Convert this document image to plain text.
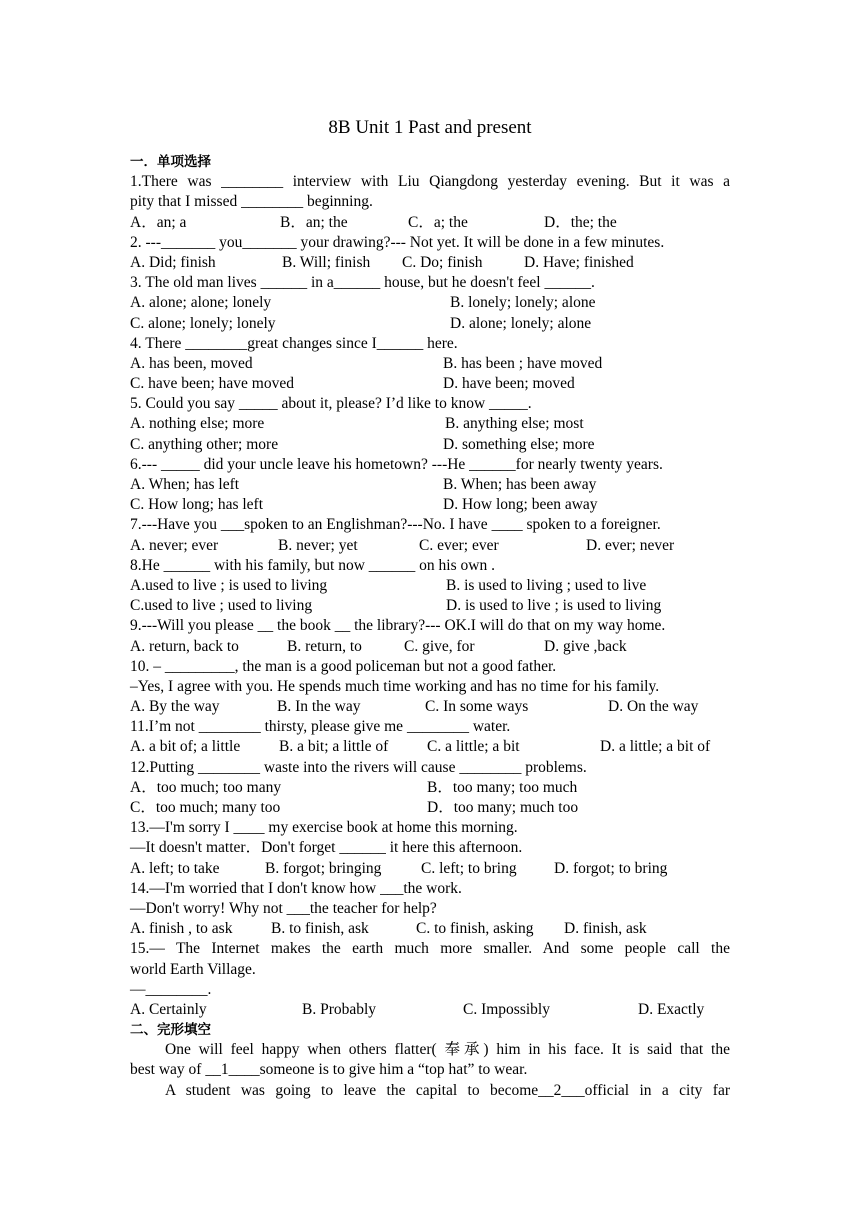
8B Unit 1 Past and present
一．单项选择
1.There was ________ interview with Liu Qiangdong yesterday evening. But it was a
pity that I missed ________ beginning.
A．an; a	B．an; the	C．a; the	D．the; the
2. ---_______ you_______ your drawing?--- Not yet. It will be done in a few minutes.
A. Did; finish	B. Will; finish C. Do; finish	D. Have; finished
3. The old man lives ______ in a______ house, but he doesn't feel ______.
A. alone; alone; lonely	B. lonely; lonely; alone
C. alone; lonely; lonely	D. alone; lonely; alone
4. There ________great changes since I______ here.
A. has been, moved	B. has been ; have moved
C. have been; have moved	D. have been; moved
5. Could you say _____ about it, please? I’d like to know _____.
A. nothing else; more	B. anything else; most
C. anything other; more	D. something else; more
6.--- _____ did your uncle leave his hometown? ---He ______for nearly twenty years.
A. When; has left	B. When; has been away
C. How long; has left	D. How long; been away
7.---Have you ___spoken to an Englishman?---No. I have ____ spoken to a foreigner.
A. never; ever	B. never; yet	C. ever; ever	D. ever; never
8.He ______ with his family, but now ______ on his own .
A.used to live ; is used to living	B. is used to living ; used to live
C.used to live ; used to living	D. is used to live ; is used to living
9.---Will you please __ the book __ the library?--- OK.I will do that on my way home.
A. return, back to	B. return, to	C. give, for	D. give ,back
10. – _________, the man is a good policeman but not a good father.
–Yes, I agree with you. He spends much time working and has no time for his family.
A. By the way	B. In the way	C. In some ways	D. On the way
11.I’m not ________ thirsty, please give me ________ water.
A. a bit of; a little	B. a bit; a little of C. a little; a bit	D. a little; a bit of
12.Putting ________ waste into the rivers will cause ________ problems.
A．too much; too many	B．too many; too much
C．too much; many too	D．too many; much too
13.—I'm sorry I ____ my exercise book at home this morning.
—It doesn't matter．Don't forget ______ it here this afternoon.
A. left; to take	B. forgot; bringing	C. left; to bring D. forgot; to bring
14.—I'm worried that I don't know how ___the work.
—Don't worry! Why not ___the teacher for help?
A. finish , to ask B. to finish, ask	C. to finish, asking D. finish, ask
15.— The Internet makes the earth much more smaller. And some people call the
world Earth Village.
—________.
A. Certainly	B. Probably	C. Impossibly	D. Exactly
二、完形填空
One will feel happy when others flatter( 奉承) him in his face. It is said that the
best way of __1____someone is to give him a “top hat” to wear.
A student was going to leave the capital to become__2___official in a city far
